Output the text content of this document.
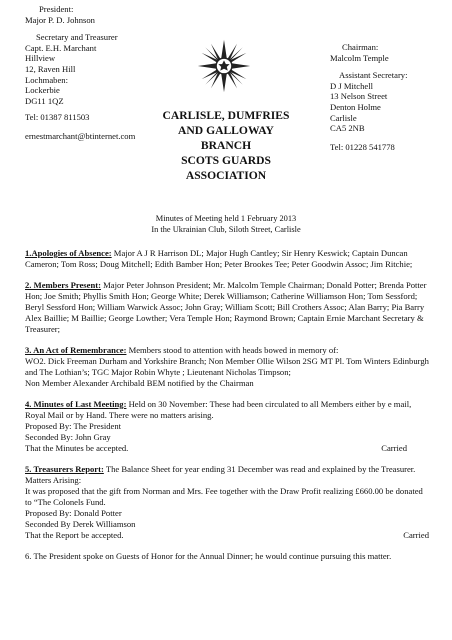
President:

Major P. D. Johnson

Secretary and Treasurer

Capt. E.H. Marchant

Hillview

12, Raven Hill

Lochmaben:

Lockerbie

DG11 1QZ

Tel: 01387 811503

ernestmarchant@btinternet.com

Chairman:

Malcolm Temple

Assistant Secretary:

D J Mitchell

13 Nelson Street

Denton Holme

Carlisle

CA5 2NB

Tel: 01228 541778

CARLISLE, DUMFRIES

AND GALLOWAY

BRANCH

SCOTS GUARDS

ASSOCIATION

Minutes of Meeting held 1 February 2013

In the Ukrainian Club, Siloth Street, Carlisle

1.Apologies of Absence: Major A J R Harrison DL; Major Hugh Cantley; Sir Henry Keswick; Captain Duncan Cameron; Tom Ross; Doug Mitchell; Edith Bamber Hon; Peter Brookes Tee; Peter Goodwin Assoc; Jim Ritchie;

2. Members Present: Major Peter Johnson President; Mr. Malcolm Temple Chairman; Donald Potter; Brenda Potter Hon; Joe Smith; Phyllis Smith Hon; George White; Derek Williamson; Catherine Williamson Hon; Tom Sessford; Beryl Sessford Hon; William Warwick Assoc; John Gray; William Scott; Bill Crothers Assoc; Alan Barry; Pia Barry Alex Baillie; M Baillie; George Lowther; Vera Temple Hon; Raymond Brown; Captain Ernie Marchant Secretary & Treasurer;

3. An Act of Remembrance: Members stood to attention with heads bowed in memory of:

WO2. Dick Freeman Durham and Yorkshire Branch; Non Member Ollie Wilson 2SG MT Pl. Tom Winters Edinburgh and The Lothian’s; TGC Major Robin Whyte ; Lieutenant Nicholas Timpson;

Non Member Alexander Archibald BEM notified by the Chairman

4. Minutes of Last Meeting: Held on 30 November: These had been circulated to all Members either by e mail, Royal Mail or by Hand. There were no matters arising.

Proposed By: The President

Seconded By: John Gray

That the Minutes be accepted.	Carried

5. Treasurers Report: The Balance Sheet for year ending 31 December was read and explained by the Treasurer.

Matters Arising:

It was proposed that the gift from Norman and Mrs. Fee together with the Draw Profit realizing £660.00 be donated to “The Colonels Fund.

Proposed By: Donald Potter

Seconded By Derek Williamson

That the Report be accepted.	Carried

6. The President spoke on Guests of Honor for the Annual Dinner; he would continue pursuing this matter.
